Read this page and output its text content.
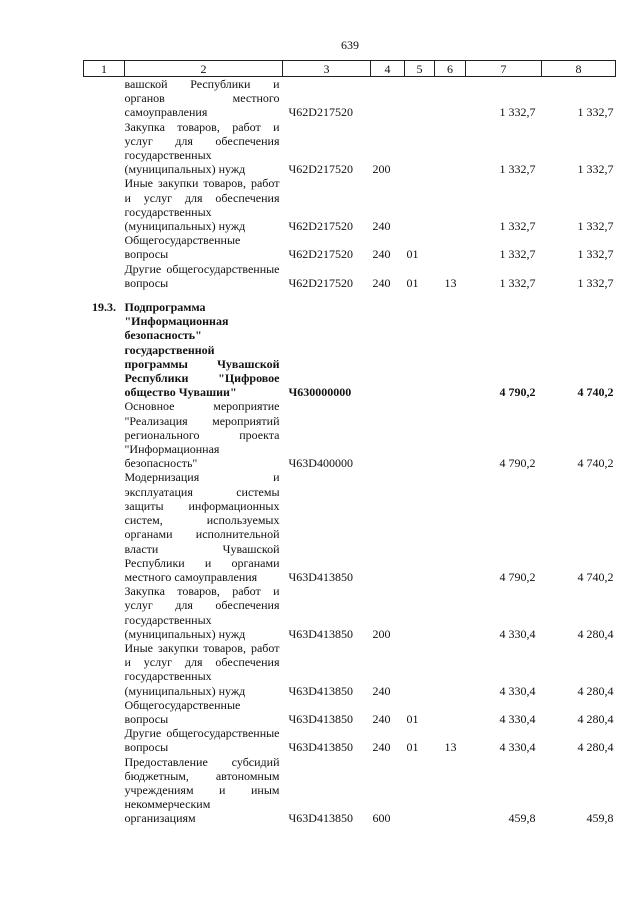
639
1	2	3	4	5	6	7	8
	вашской Республики и органов местного самоуправления	Ч62D217520				1 332,7	1 332,7
	Закупка товаров, работ и услуг для обеспечения государственных (муниципальных) нужд	Ч62D217520	200			1 332,7	1 332,7
	Иные закупки товаров, работ и услуг для обеспечения государственных (муниципальных) нужд	Ч62D217520	240			1 332,7	1 332,7
	Общегосударственные вопросы	Ч62D217520	240	01		1 332,7	1 332,7
	Другие общегосударственные вопросы	Ч62D217520	240	01	13	1 332,7	1 332,7

19.3.	Подпрограмма "Информационная безопасность" государственной программы Чувашской Республики "Цифровое общество Чувашии"	Ч630000000				4 790,2	4 740,2
	Основное мероприятие "Реализация мероприятий регионального проекта "Информационная безопасность"	Ч63D400000				4 790,2	4 740,2
	Модернизация и эксплуатация системы защиты информационных систем, используемых органами исполнительной власти Чувашской Республики и органами местного самоуправления	Ч63D413850				4 790,2	4 740,2
	Закупка товаров, работ и услуг для обеспечения государственных (муниципальных) нужд	Ч63D413850	200			4 330,4	4 280,4
	Иные закупки товаров, работ и услуг для обеспечения государственных (муниципальных) нужд	Ч63D413850	240			4 330,4	4 280,4
	Общегосударственные вопросы	Ч63D413850	240	01		4 330,4	4 280,4
	Другие общегосударственные вопросы	Ч63D413850	240	01	13	4 330,4	4 280,4
	Предоставление субсидий бюджетным, автономным учреждениям и иным некоммерческим организациям	Ч63D413850	600			459,8	459,8
